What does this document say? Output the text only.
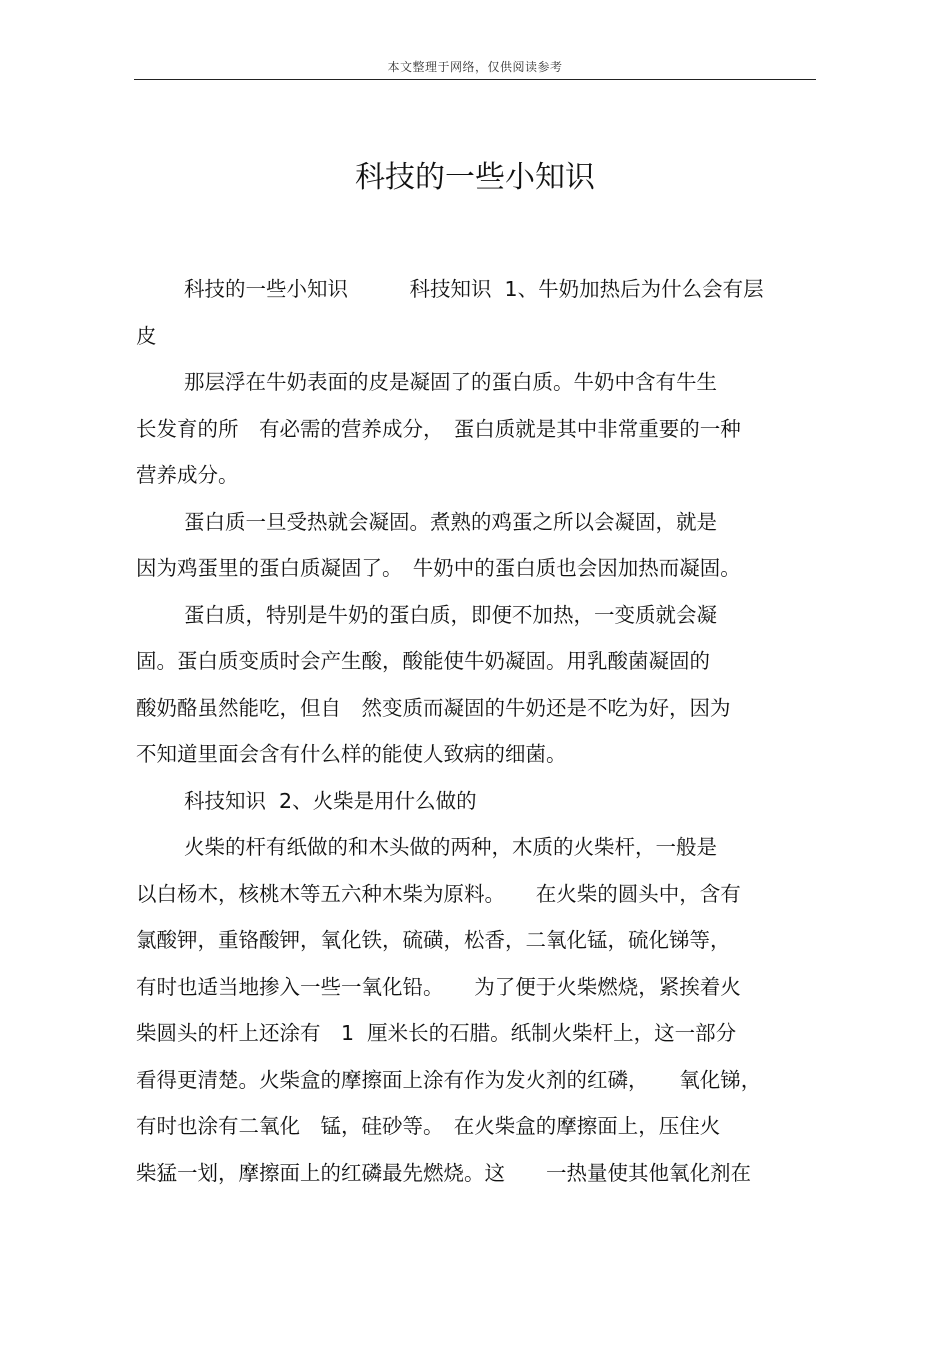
本文整理于网络，仅供阅读参考
科技的一些小知识
科技的一些小知识　　　科技知识  1、牛奶加热后为什么会有层
皮
那层浮在牛奶表面的皮是凝固了的蛋白质。牛奶中含有牛生
长发育的所　有必需的营养成分，　蛋白质就是其中非常重要的一种
营养成分。
蛋白质一旦受热就会凝固。煮熟的鸡蛋之所以会凝固，就是
因为鸡蛋里的蛋白质凝固了。　牛奶中的蛋白质也会因加热而凝固。
蛋白质，特别是牛奶的蛋白质，即便不加热，一变质就会凝
固。蛋白质变质时会产生酸，酸能使牛奶凝固。用乳酸菌凝固的
酸奶酪虽然能吃，但自　然变质而凝固的牛奶还是不吃为好，因为
不知道里面会含有什么样的能使人致病的细菌。
科技知识  2、火柴是用什么做的
火柴的杆有纸做的和木头做的两种，木质的火柴杆，一般是
以白杨木，核桃木等五六种木柴为原料。　　在火柴的圆头中，含有
氯酸钾，重铬酸钾，氧化铁，硫磺，松香，二氧化锰，硫化锑等，
有时也适当地掺入一些一氧化铅。　　为了便于火柴燃烧，紧挨着火
柴圆头的杆上还涂有　1  厘米长的石腊。纸制火柴杆上，这一部分
看得更清楚。火柴盒的摩擦面上涂有作为发火剂的红磷，　　氧化锑，
有时也涂有二氧化　锰，硅砂等。　在火柴盒的摩擦面上，压住火
柴猛一划，摩擦面上的红磷最先燃烧。这　　一热量使其他氧化剂在
